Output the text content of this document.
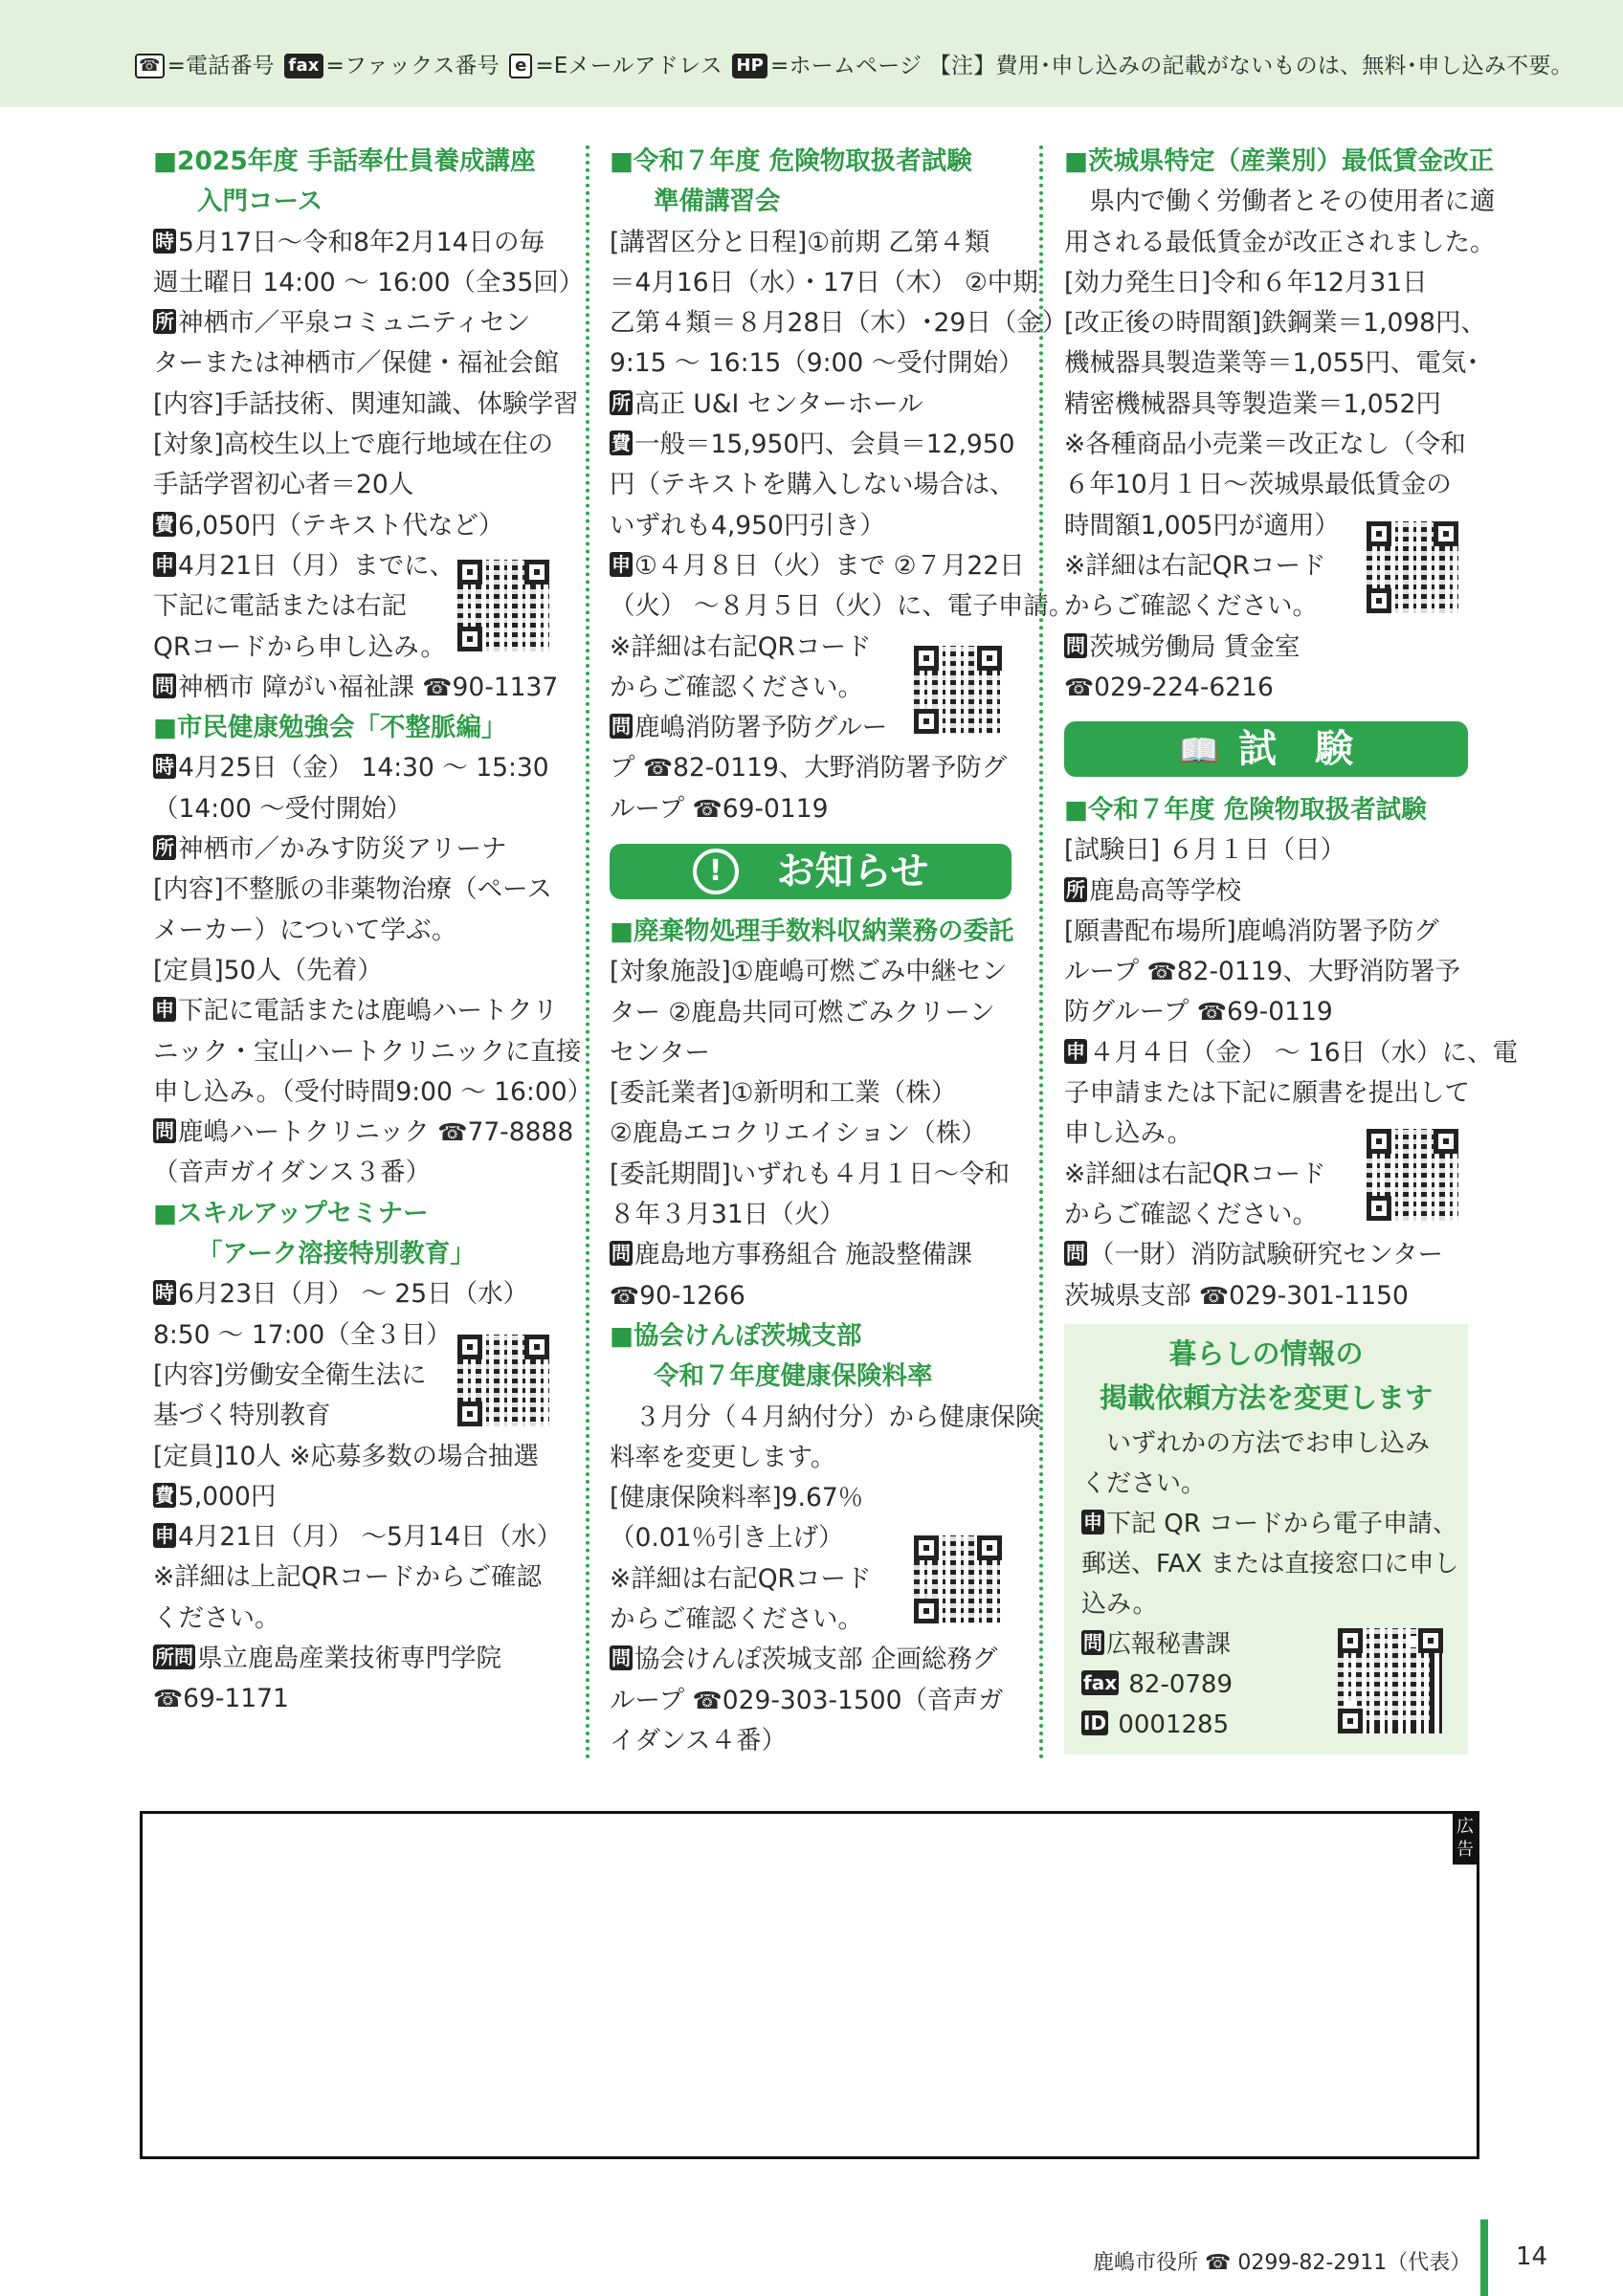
☎ =電話番号 fax =ファックス番号 e =Eメールアドレス HP =ホームページ 【注】費用･申し込みの記載がないものは、無料･申し込み不要。
■2025年度 手話奉仕員養成講座
入門コース
時 5月17日～令和8年2月14日の毎
週土曜日 14:00 ～ 16:00（全35回）
所 神栖市／平泉コミュニティセン
ターまたは神栖市／保健・福祉会館
[内容]手話技術、関連知識、体験学習
[対象]高校生以上で鹿行地域在住の
手話学習初心者＝20人
費 6,050円（テキスト代など）
申 4月21日（月）までに、
下記に電話または右記
QRコードから申し込み。
問 神栖市 障がい福祉課 ☎90-1137
■市民健康勉強会「不整脈編」
時 4月25日（金） 14:30 ～ 15:30
（14:00 ～受付開始）
所 神栖市／かみす防災アリーナ
[内容]不整脈の非薬物治療（ペース
メーカー）について学ぶ。
[定員]50人（先着）
申 下記に電話または鹿嶋ハートクリ
ニック・宝山ハートクリニックに直接
申し込み。（受付時間9:00 ～ 16:00）
問 鹿嶋ハートクリニック ☎77-8888
（音声ガイダンス３番）
■スキルアップセミナー
「アーク溶接特別教育」
時 6月23日（月） ～ 25日（水）
8:50 ～ 17:00（全３日）
[内容]労働安全衛生法に
基づく特別教育
[定員]10人 ※応募多数の場合抽選
費 5,000円
申 4月21日（月） ～5月14日（水）
※詳細は上記QRコードからご確認
ください。
所問 県立鹿島産業技術専門学院
☎69-1171
■令和７年度 危険物取扱者試験
準備講習会
[講習区分と日程]①前期 乙第４類
＝4月16日（水）・17日（木） ②中期
乙第４類＝８月28日（木）･29日（金）
9:15 ～ 16:15（9:00 ～受付開始）
所 高正 U&I センターホール
費 一般＝15,950円、会員＝12,950
円（テキストを購入しない場合は、
いずれも4,950円引き）
申 ①４月８日（火）まで ②７月22日
（火） ～８月５日（火）に、電子申請。
※詳細は右記QRコード
からご確認ください。
問 鹿嶋消防署予防グルー
プ ☎82-0119、大野消防署予防グ
ループ ☎69-0119
! お知らせ
■廃棄物処理手数料収納業務の委託
[対象施設]①鹿嶋可燃ごみ中継セン
ター ②鹿島共同可燃ごみクリーン
センター
[委託業者]①新明和工業（株）
②鹿島エコクリエイション（株）
[委託期間]いずれも４月１日～令和
８年３月31日（火）
問 鹿島地方事務組合 施設整備課
☎90-1266
■協会けんぽ茨城支部
令和７年度健康保険料率
　３月分（４月納付分）から健康保険
料率を変更します。
[健康保険料率]9.67％
（0.01％引き上げ）
※詳細は右記QRコード
からご確認ください。
問 協会けんぽ茨城支部 企画総務グ
ループ ☎029-303-1500（音声ガ
イダンス４番）
■茨城県特定（産業別）最低賃金改正
　県内で働く労働者とその使用者に適
用される最低賃金が改正されました。
[効力発生日]令和６年12月31日
[改正後の時間額]鉄鋼業＝1,098円、
機械器具製造業等＝1,055円、電気･
精密機械器具等製造業＝1,052円
※各種商品小売業＝改正なし（令和
６年10月１日～茨城県最低賃金の
時間額1,005円が適用）
※詳細は右記QRコード
からご確認ください。
問 茨城労働局 賃金室
☎029-224-6216
📖 試　験
■令和７年度 危険物取扱者試験
[試験日] ６月１日（日）
所 鹿島高等学校
[願書配布場所]鹿嶋消防署予防グ
ループ ☎82-0119、大野消防署予
防グループ ☎69-0119
申 ４月４日（金） ～ 16日（水）に、電
子申請または下記に願書を提出して
申し込み。
※詳細は右記QRコード
からご確認ください。
問 （一財）消防試験研究センター
茨城県支部 ☎029-301-1150
暮らしの情報の
掲載依頼方法を変更します
　いずれかの方法でお申し込み
ください。
申 下記 QR コードから電子申請、
郵送、FAX または直接窓口に申し
込み。
問 広報秘書課
fax 82-0789
ID 0001285
広告
鹿嶋市役所 ☎ 0299-82-2911（代表） 14
